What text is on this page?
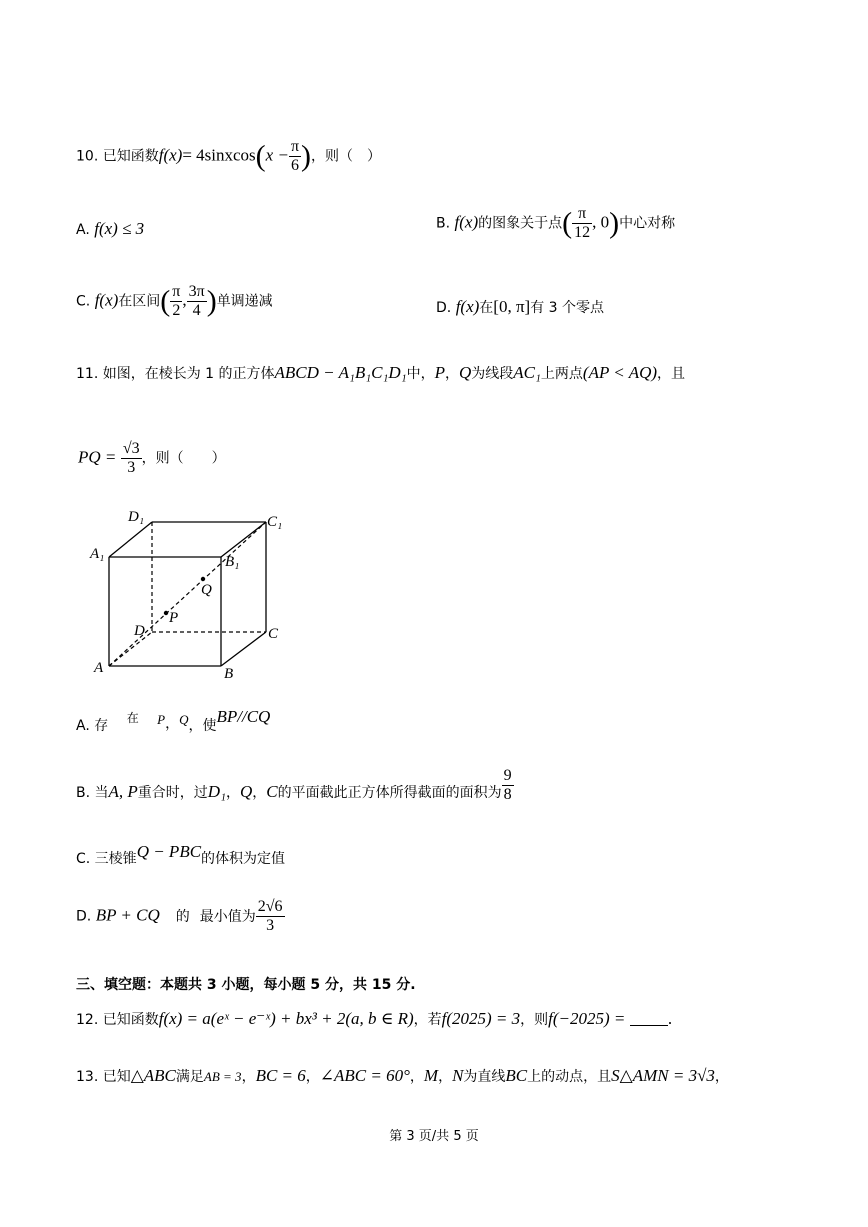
10. 已知函数f(x)= 4sinxcos(x − $\frac{\pi}{6}$ )，则（　）
A. f(x) ≤ 3	B. f(x)的图象关于点( $\frac{\pi}{12}$ , 0)中心对称
C. f(x)在区间( $\frac{\pi}{2}$ , $\frac{3\pi}{4}$ )单调递减	D. f(x)在[0, π]有 3 个零点
11. 如图，在棱长为 1 的正方体ABCD − A₁B₁C₁D₁中，P，Q为线段AC₁上两点(AP < AQ)，且
PQ = $\frac{√3}{3}$ ，则（　　）
D₁	C₁
A₁	B₁
Q
P
D	C
A	B
A. 存 在 P，Q，使BP//CQ
B. 当A, P重合时，过D₁，Q，C的平面截此正方体所得截面的面积为 $\frac{9}{8}$
C. 三棱锥Q − PBC的体积为定值
D. BP + CQ 的 最小值为 $\frac{2√6}{3}$
三、填空题：本题共 3 小题，每小题 5 分，共 15 分.
12. 已知函数f(x) = a(eˣ − e⁻ˣ) + bx³ + 2(a, b ∈ R)，若f(2025) = 3，则f(−2025) = .
13. 已知△ABC满足AB = 3，BC = 6，∠ABC = 60°，M，N为直线BC上的动点，且S△AMN = 3√3，
第 3 页/共 5 页
